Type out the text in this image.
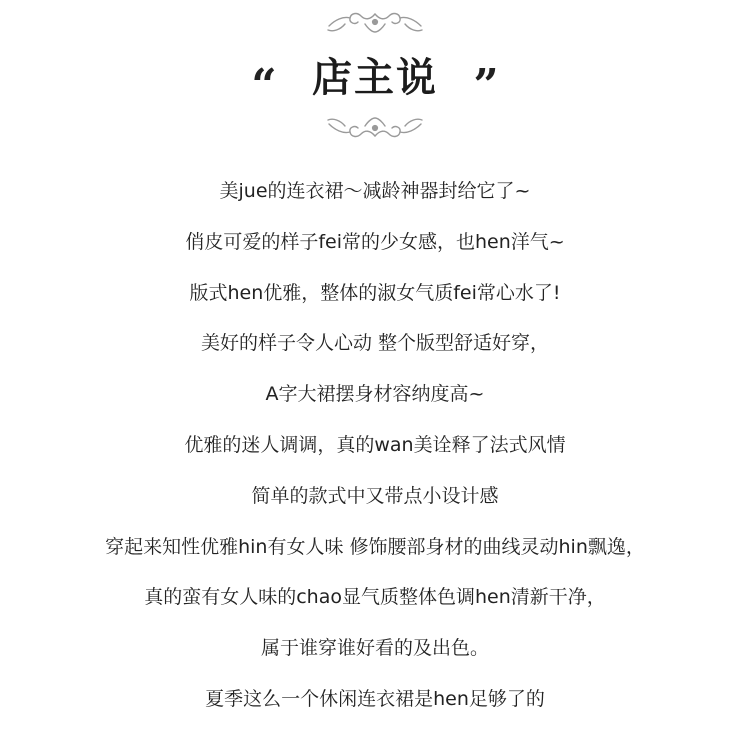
“ 店主说 ”
美jue的连衣裙～减龄神器封给它了~
俏皮可爱的样子fei常的少女感，也hen洋气~
版式hen优雅，整体的淑女气质fei常心水了!
美好的样子令人心动 整个版型舒适好穿，
A字大裙摆身材容纳度高~
优雅的迷人调调，真的wan美诠释了法式风情
简单的款式中又带点小设计感
穿起来知性优雅hin有女人味 修饰腰部身材的曲线灵动hin飘逸，
真的蛮有女人味的chao显气质整体色调hen清新干净，
属于谁穿谁好看的及出色。
夏季这么一个休闲连衣裙是hen足够了的
